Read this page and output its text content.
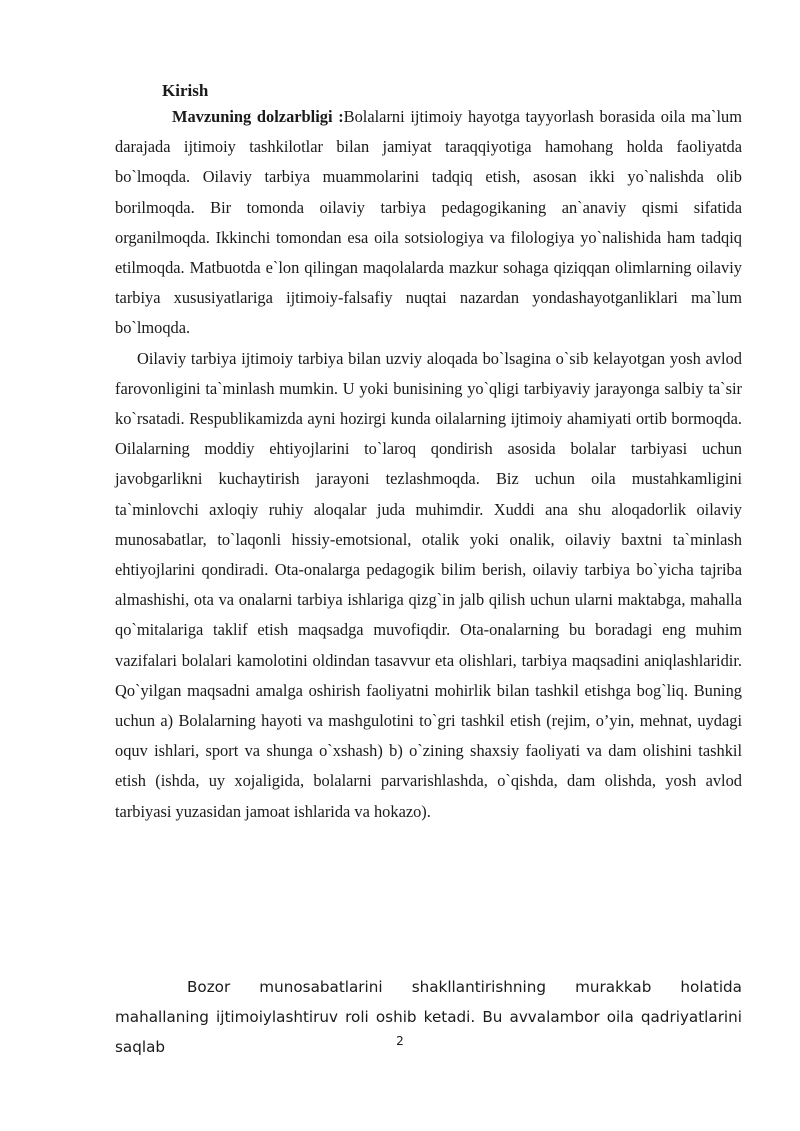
Kirish

Mavzuning dolzarbligi :Bolalarni ijtimoiy hayotga tayyorlash borasida oila ma`lum darajada ijtimoiy tashkilotlar bilan jamiyat taraqqiyotiga hamohang holda faoliyatda bo`lmoqda. Oilaviy tarbiya muammolarini tadqiq etish, asosan ikki yo`nalishda olib borilmoqda. Bir tomonda oilaviy tarbiya pedagogikaning an`anaviy qismi sifatida organilmoqda. Ikkinchi tomondan esa oila sotsiologiya va filologiya yo`nalishida ham tadqiq etilmoqda. Matbuotda e`lon qilingan maqolalarda mazkur sohaga qiziqqan olimlarning oilaviy tarbiya xususiyatlariga ijtimoiy-falsafiy nuqtai nazardan yondashayotganliklari ma`lum bo`lmoqda.

Oilaviy tarbiya ijtimoiy tarbiya bilan uzviy aloqada bo`lsagina o`sib kelayotgan yosh avlod farovonligini ta`minlash mumkin. U yoki bunisining yo`qligi tarbiyaviy jarayonga salbiy ta`sir ko`rsatadi. Respublikamizda ayni hozirgi kunda oilalarning ijtimoiy ahamiyati ortib bormoqda. Oilalarning moddiy ehtiyojlarini to`laroq qondirish asosida bolalar tarbiyasi uchun javobgarlikni kuchaytirish jarayoni tezlashmoqda. Biz uchun oila mustahkamligini ta`minlovchi axloqiy ruhiy aloqalar juda muhimdir. Xuddi ana shu aloqadorlik oilaviy munosabatlar, to`laqonli hissiy-emotsional, otalik yoki onalik, oilaviy baxtni ta`minlash ehtiyojlarini qondiradi. Ota-onalarga pedagogik bilim berish, oilaviy tarbiya bo`yicha tajriba almashishi, ota va onalarni tarbiya ishlariga qizg`in jalb qilish uchun ularni maktabga, mahalla qo`mitalariga taklif etish maqsadga muvofiqdir. Ota-onalarning bu boradagi eng muhim vazifalari bolalari kamolotini oldindan tasavvur eta olishlari, tarbiya maqsadini aniqlashlaridir. Qo`yilgan maqsadni amalga oshirish faoliyatni mohirlik bilan tashkil etishga bog`liq. Buning uchun a) Bolalarning hayoti va mashgulotini to`gri tashkil etish (rejim, o’yin, mehnat, uydagi oquv ishlari, sport va shunga o`xshash) b) o`zining shaxsiy faoliyati va dam olishini tashkil etish (ishda, uy xojaligida, bolalarni parvarishlashda, o`qishda, dam olishda, yosh avlod tarbiyasi yuzasidan jamoat ishlarida va hokazo).

Bozor munosabatlarini shakllantirishning murakkab holatida mahallaning ijtimoiylashtiruv roli oshib ketadi. Bu avvalambor oila qadriyatlarini saqlab	2
